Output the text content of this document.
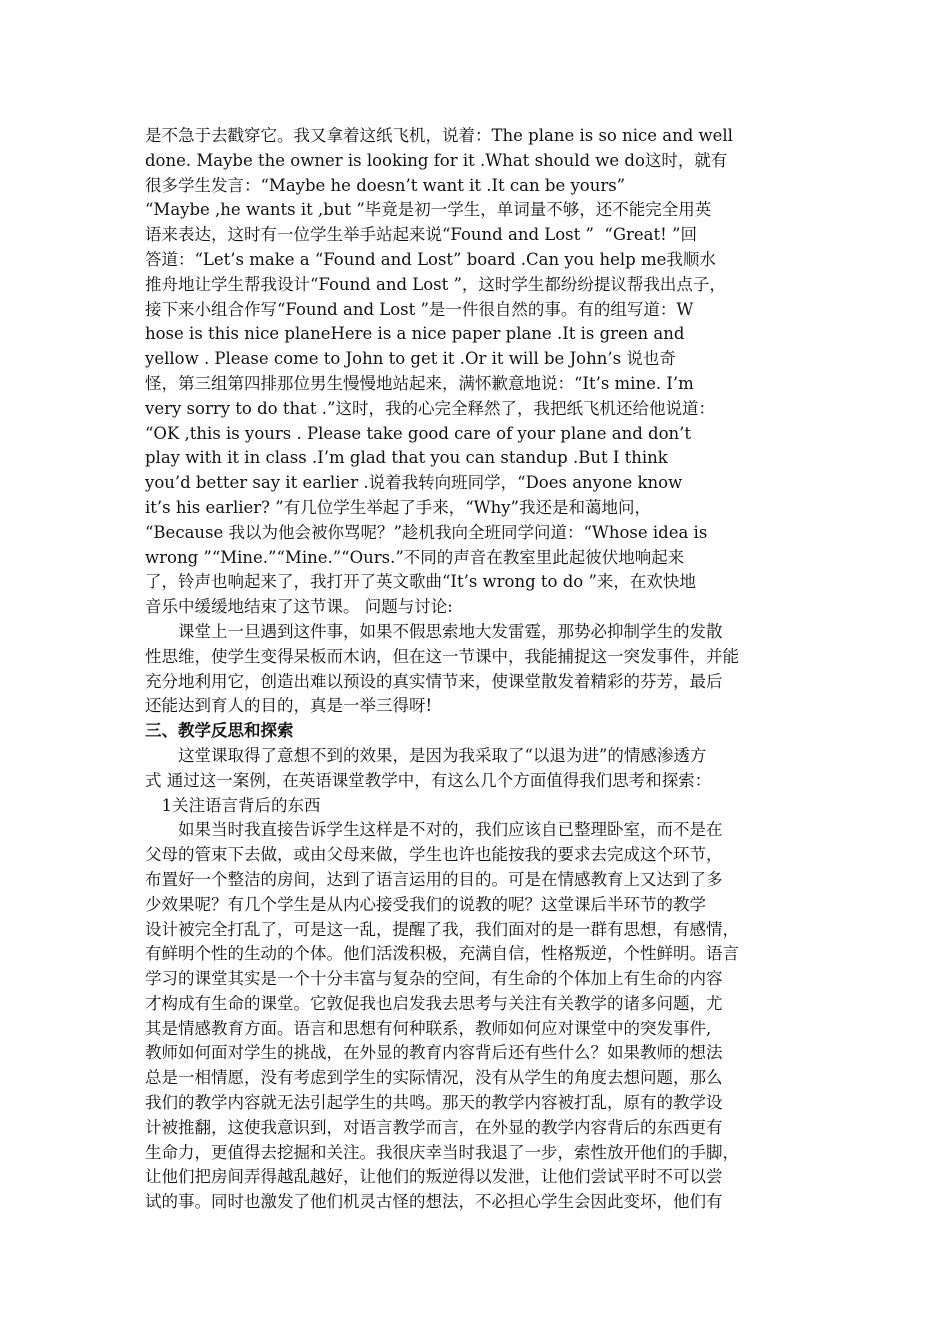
是不急于去戳穿它。我又拿着这纸飞机，说着：The plane is so nice and well
done. Maybe the owner is looking for it .What should we do这时，就有
很多学生发言：“Maybe he doesn’t want it .It can be yours”
“Maybe ,he wants it ,but ”毕竟是初一学生，单词量不够，还不能完全用英
语来表达，这时有一位学生举手站起来说“Found and Lost ”  “Great! ”回
答道：“Let’s make a “Found and Lost” board .Can you help me我顺水
推舟地让学生帮我设计“Found and Lost ”，这时学生都纷纷提议帮我出点子，
接下来小组合作写“Found and Lost ”是一件很自然的事。有的组写道：W
hose is this nice planeHere is a nice paper plane .It is green and
yellow . Please come to John to get it .Or it will be John’s 说也奇
怪，第三组第四排那位男生慢慢地站起来，满怀歉意地说：“It’s mine. I’m
very sorry to do that .”这时，我的心完全释然了，我把纸飞机还给他说道：
“OK ,this is yours . Please take good care of your plane and don’t
play with it in class .I’m glad that you can standup .But I think
you’d better say it earlier .说着我转向班同学，“Does anyone know
it’s his earlier? ”有几位学生举起了手来，“Why”我还是和蔼地问，
“Because 我以为他会被你骂呢？”趁机我向全班同学问道：“Whose idea is
wrong ”“Mine.”“Mine.”“Ours.”不同的声音在教室里此起彼伏地响起来
了，铃声也响起来了，我打开了英文歌曲“It’s wrong to do ”来，在欢快地
音乐中缓缓地结束了这节课。 问题与讨论:
　　课堂上一旦遇到这件事，如果不假思索地大发雷霆，那势必抑制学生的发散
性思维，使学生变得呆板而木讷，但在这一节课中，我能捕捉这一突发事件，并能
充分地利用它，创造出难以预设的真实情节来，使课堂散发着精彩的芬芳，最后
还能达到育人的目的，真是一举三得呀!
三、教学反思和探索
　　这堂课取得了意想不到的效果，是因为我采取了“以退为进”的情感渗透方
式 通过这一案例，在英语课堂教学中，有这么几个方面值得我们思考和探索：
　1关注语言背后的东西
　　如果当时我直接告诉学生这样是不对的，我们应该自已整理卧室，而不是在
父母的管束下去做，或由父母来做，学生也许也能按我的要求去完成这个环节，
布置好一个整洁的房间，达到了语言运用的目的。可是在情感教育上又达到了多
少效果呢？有几个学生是从内心接受我们的说教的呢？这堂课后半环节的教学
设计被完全打乱了，可是这一乱，提醒了我，我们面对的是一群有思想，有感情，
有鲜明个性的生动的个体。他们活泼积极，充满自信，性格叛逆，个性鲜明。语言
学习的课堂其实是一个十分丰富与复杂的空间，有生命的个体加上有生命的内容
才构成有生命的课堂。它敦促我也启发我去思考与关注有关教学的诸多问题，尤
其是情感教育方面。语言和思想有何种联系，教师如何应对课堂中的突发事件,
教师如何面对学生的挑战，在外显的教育内容背后还有些什么？如果教师的想法
总是一相情愿，没有考虑到学生的实际情况，没有从学生的角度去想问题，那么
我们的教学内容就无法引起学生的共鸣。那天的教学内容被打乱，原有的教学设
计被推翻，这使我意识到，对语言教学而言，在外显的教学内容背后的东西更有
生命力，更值得去挖掘和关注。我很庆幸当时我退了一步，索性放开他们的手脚，
让他们把房间弄得越乱越好，让他们的叛逆得以发泄，让他们尝试平时不可以尝
试的事。同时也激发了他们机灵古怪的想法，不必担心学生会因此变坏，他们有
